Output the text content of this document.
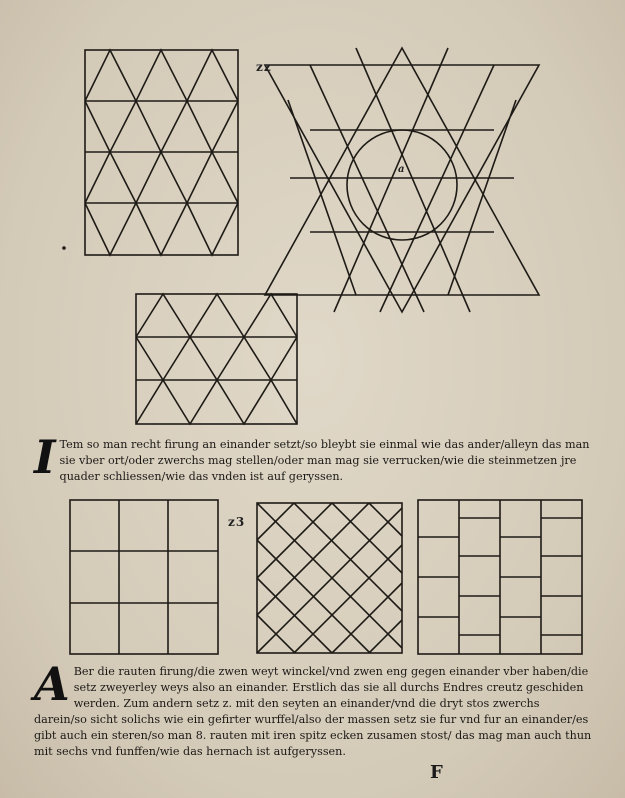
zz
a
z3
I Tem so man recht firung an einander setzt/so bleybt sie einmal wie das ander/alleyn das man sie vber ort/oder zwerchs mag stellen/oder man mag sie verrucken/wie die steinmetzen jre quader schliessen/wie das vnden ist auf geryssen.
A Ber die rauten firung/die zwen weyt winckel/vnd zwen eng gegen einander vber haben/die setz zweyerley weys also an einander. Erstlich das sie all durchs Endres creutz geschiden werden. Zum andern setz z. mit den seyten an einander/vnd die dryt stos zwerchs darein/so sicht solichs wie ein gefirter wurffel/also der massen setz sie fur vnd fur an einander/es gibt auch ein steren/so man 8. rauten mit iren spitz ecken zusamen stost/ das mag man auch thun mit sechs vnd funffen/wie das hernach ist aufgeryssen.
F
